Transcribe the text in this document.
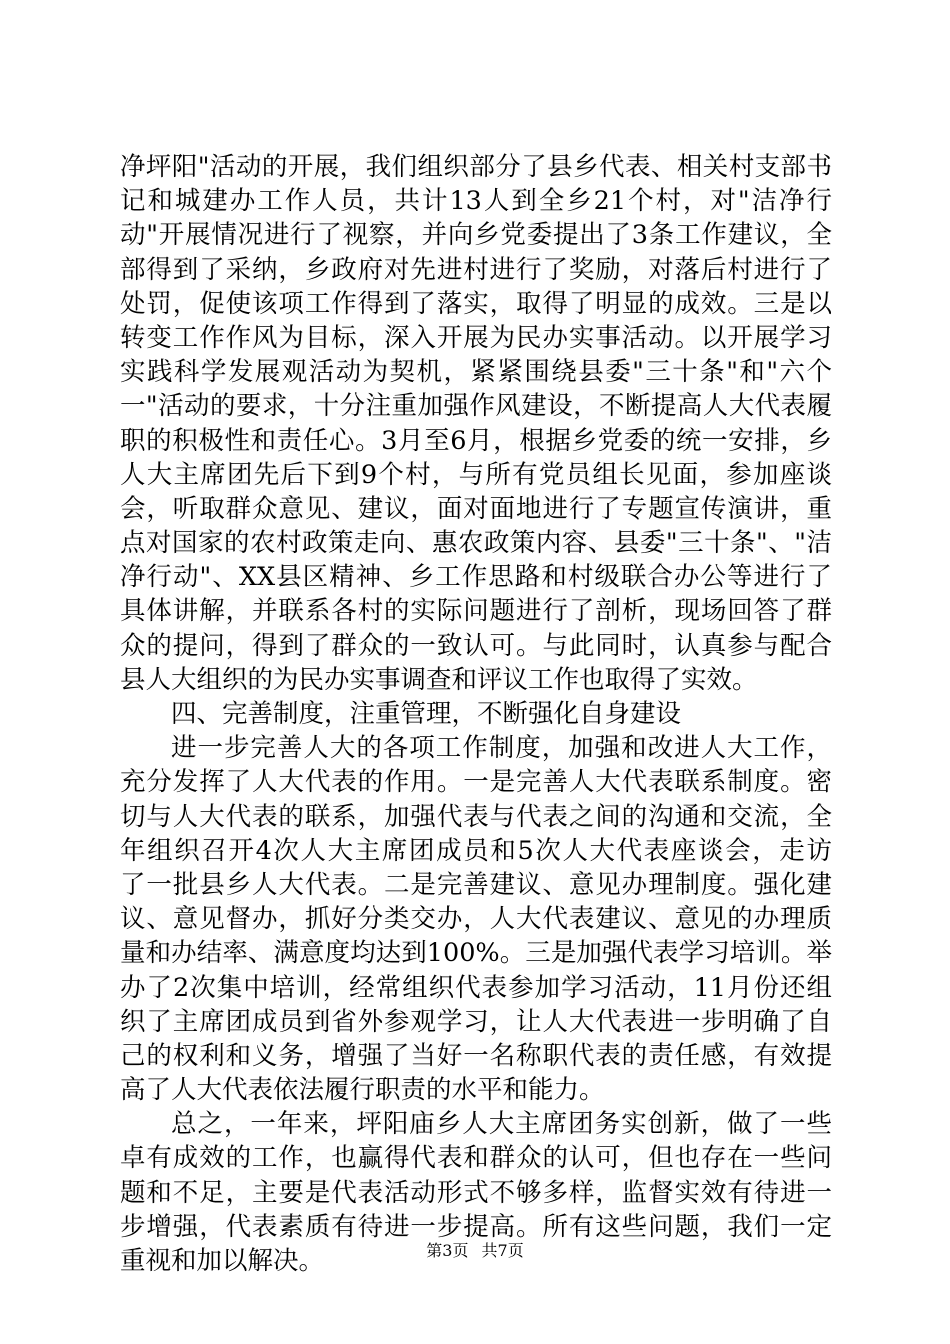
净坪阳"活动的开展，我们组织部分了县乡代表、相关村支部书
记和城建办工作人员，共计13人到全乡21个村，对"洁净行
动"开展情况进行了视察，并向乡党委提出了3条工作建议，全
部得到了采纳，乡政府对先进村进行了奖励，对落后村进行了
处罚，促使该项工作得到了落实，取得了明显的成效。三是以
转变工作作风为目标，深入开展为民办实事活动。以开展学习
实践科学发展观活动为契机，紧紧围绕县委"三十条"和"六个
一"活动的要求，十分注重加强作风建设，不断提高人大代表履
职的积极性和责任心。3月至6月，根据乡党委的统一安排，乡
人大主席团先后下到9个村，与所有党员组长见面，参加座谈
会，听取群众意见、建议，面对面地进行了专题宣传演讲，重
点对国家的农村政策走向、惠农政策内容、县委"三十条"、"洁
净行动"、XX县区精神、乡工作思路和村级联合办公等进行了
具体讲解，并联系各村的实际问题进行了剖析，现场回答了群
众的提问，得到了群众的一致认可。与此同时，认真参与配合
县人大组织的为民办实事调查和评议工作也取得了实效。
四、完善制度，注重管理，不断强化自身建设
进一步完善人大的各项工作制度，加强和改进人大工作，
充分发挥了人大代表的作用。一是完善人大代表联系制度。密
切与人大代表的联系，加强代表与代表之间的沟通和交流，全
年组织召开4次人大主席团成员和5次人大代表座谈会，走访
了一批县乡人大代表。二是完善建议、意见办理制度。强化建
议、意见督办，抓好分类交办，人大代表建议、意见的办理质
量和办结率、满意度均达到100%。三是加强代表学习培训。举
办了2次集中培训，经常组织代表参加学习活动，11月份还组
织了主席团成员到省外参观学习，让人大代表进一步明确了自
己的权利和义务，增强了当好一名称职代表的责任感，有效提
高了人大代表依法履行职责的水平和能力。
总之，一年来，坪阳庙乡人大主席团务实创新，做了一些
卓有成效的工作，也赢得代表和群众的认可，但也存在一些问
题和不足，主要是代表活动形式不够多样，监督实效有待进一
步增强，代表素质有待进一步提高。所有这些问题，我们一定
重视和加以解决。	第3页 共7页
